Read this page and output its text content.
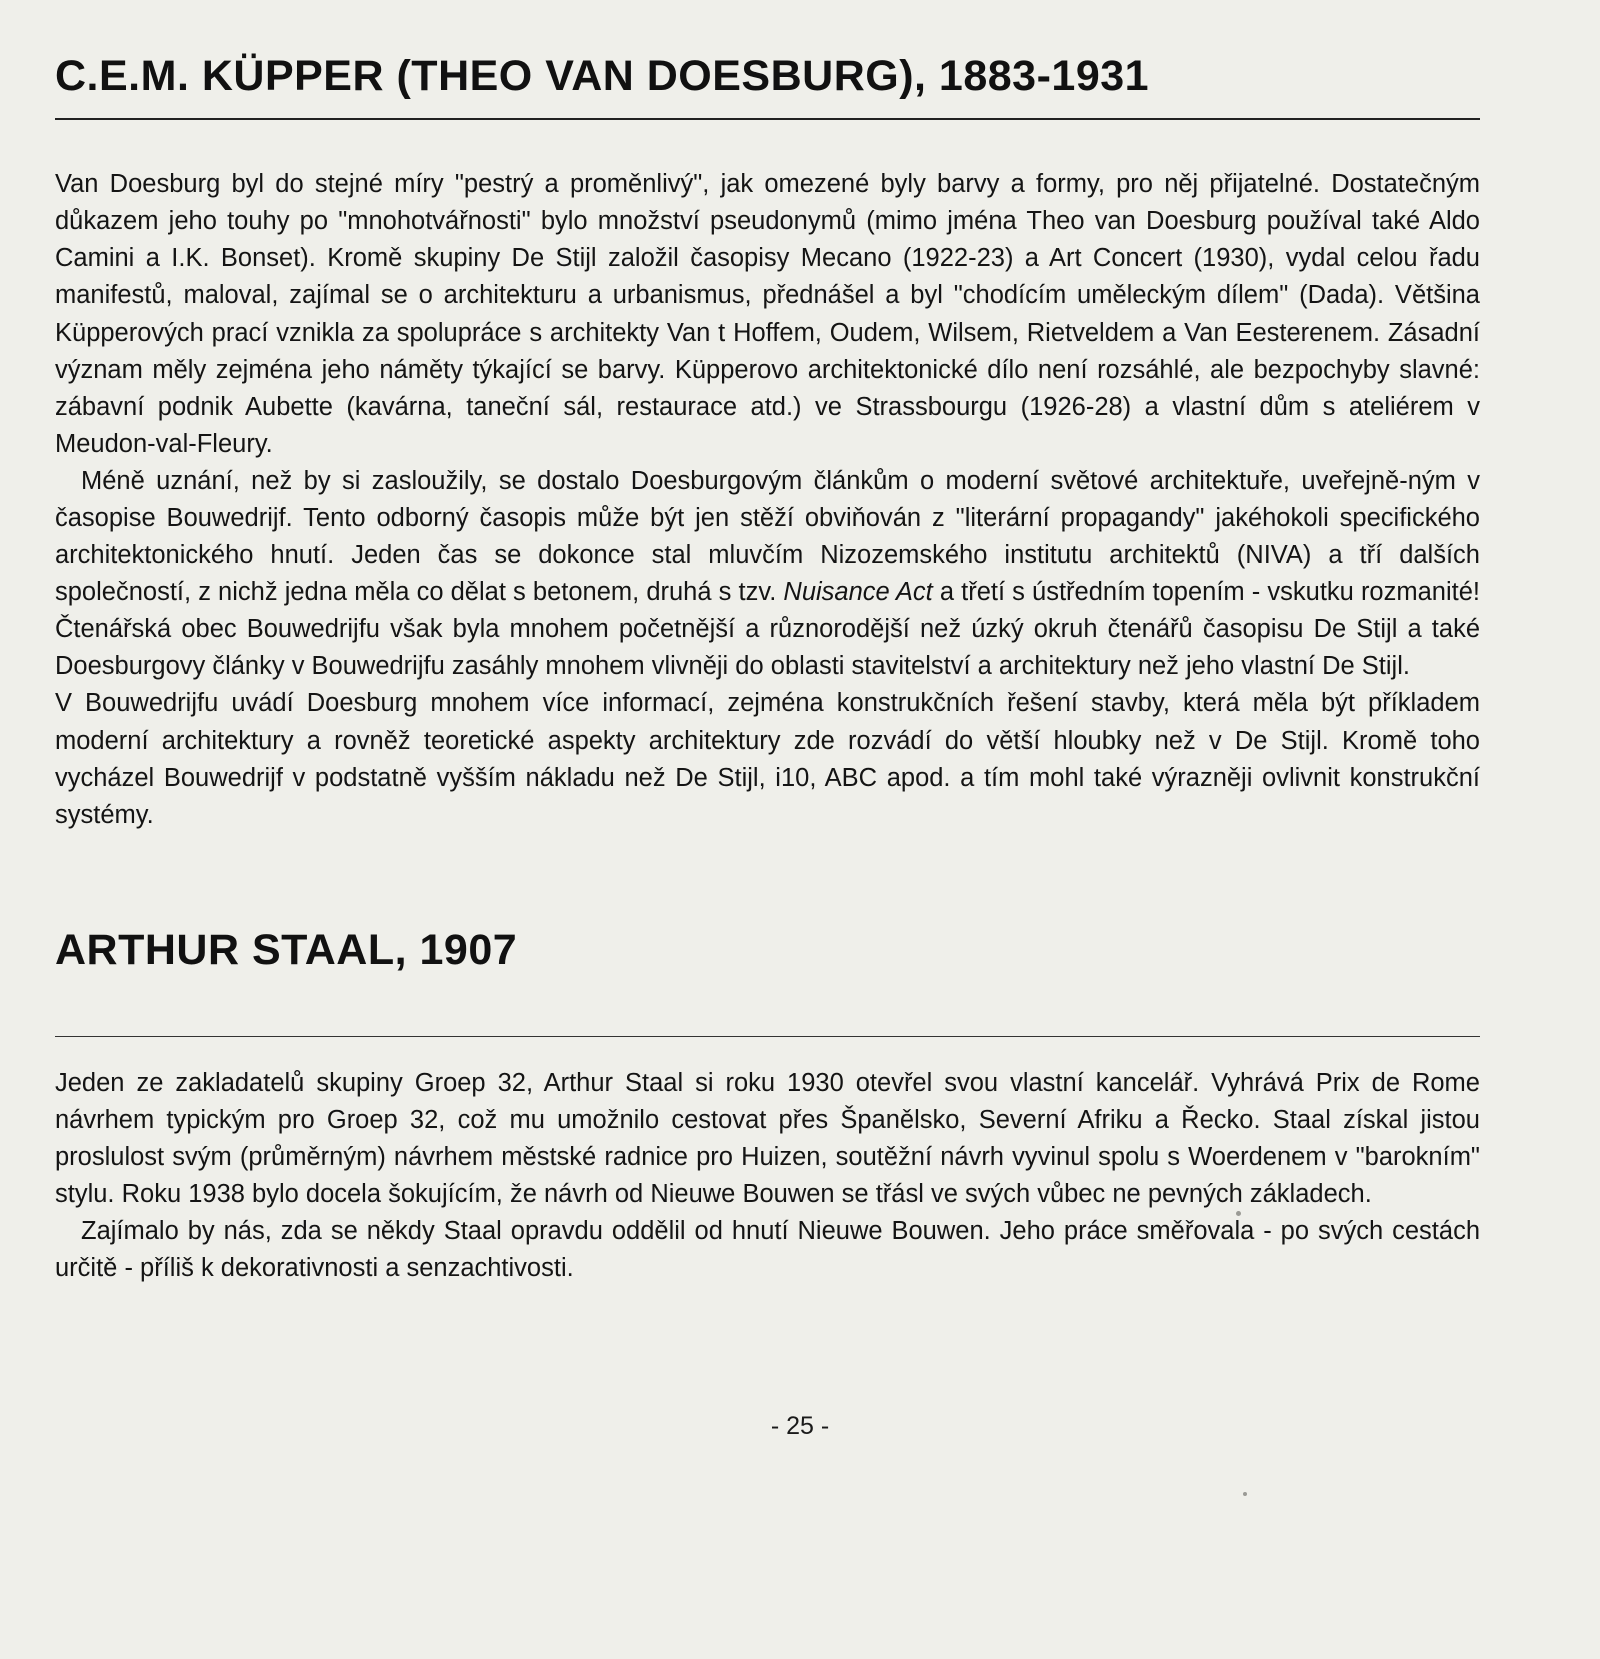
C.E.M. KÜPPER (THEO VAN DOESBURG), 1883-1931

Van Doesburg byl do stejné míry "pestrý a proměnlivý", jak omezené byly barvy a formy, pro něj přijatelné. Dostatečným důkazem jeho touhy po "mnohotvářnosti" bylo množství pseudonymů (mimo jména Theo van Doesburg používal také Aldo Camini a I.K. Bonset). Kromě skupiny De Stijl založil časopisy Mecano (1922-23) a Art Concert (1930), vydal celou řadu manifestů, maloval, zajímal se o architekturu a urbanismus, přednášel a byl "chodícím uměleckým dílem" (Dada). Většina Küpperových prací vznikla za spolupráce s architekty Van t Hoffem, Oudem, Wilsem, Rietveldem a Van Eesterenem. Zásadní význam měly zejména jeho náměty týkající se barvy. Küpperovo architektonické dílo není rozsáhlé, ale bezpochyby slavné: zábavní podnik Aubette (kavárna, taneční sál, restaurace atd.) ve Strassbourgu (1926-28) a vlastní dům s ateliérem v Meudon-val-Fleury.

Méně uznání, než by si zasloužily, se dostalo Doesburgovým článkům o moderní světové architektuře, uveřejně-ným v časopise Bouwedrijf. Tento odborný časopis může být jen stěží obviňován z "literární propagandy" jakéhokoli specifického architektonického hnutí. Jeden čas se dokonce stal mluvčím Nizozemského institutu architektů (NIVA) a tří dalších společností, z nichž jedna měla co dělat s betonem, druhá s tzv. Nuisance Act a třetí s ústředním topením - vskutku rozmanité! Čtenářská obec Bouwedrijfu však byla mnohem početnější a různorodější než úzký okruh čtenářů časopisu De Stijl a také Doesburgovy články v Bouwedrijfu zasáhly mnohem vlivněji do oblasti stavitelství a architektury než jeho vlastní De Stijl.

V Bouwedrijfu uvádí Doesburg mnohem více informací, zejména konstrukčních řešení stavby, která měla být příkladem moderní architektury a rovněž teoretické aspekty architektury zde rozvádí do větší hloubky než v De Stijl. Kromě toho vycházel Bouwedrijf v podstatně vyšším nákladu než De Stijl, i10, ABC apod. a tím mohl také výrazněji ovlivnit konstrukční systémy.

ARTHUR STAAL, 1907

Jeden ze zakladatelů skupiny Groep 32, Arthur Staal si roku 1930 otevřel svou vlastní kancelář. Vyhrává Prix de Rome návrhem typickým pro Groep 32, což mu umožnilo cestovat přes Španělsko, Severní Afriku a Řecko. Staal získal jistou proslulost svým (průměrným) návrhem městské radnice pro Huizen, soutěžní návrh vyvinul spolu s Woerdenem v "barokním" stylu. Roku 1938 bylo docela šokujícím, že návrh od Nieuwe Bouwen se třásl ve svých vůbec ne pevných základech.

Zajímalo by nás, zda se někdy Staal opravdu oddělil od hnutí Nieuwe Bouwen. Jeho práce směřovala - po svých cestách určitě - příliš k dekorativnosti a senzachtivosti.

- 25 -
